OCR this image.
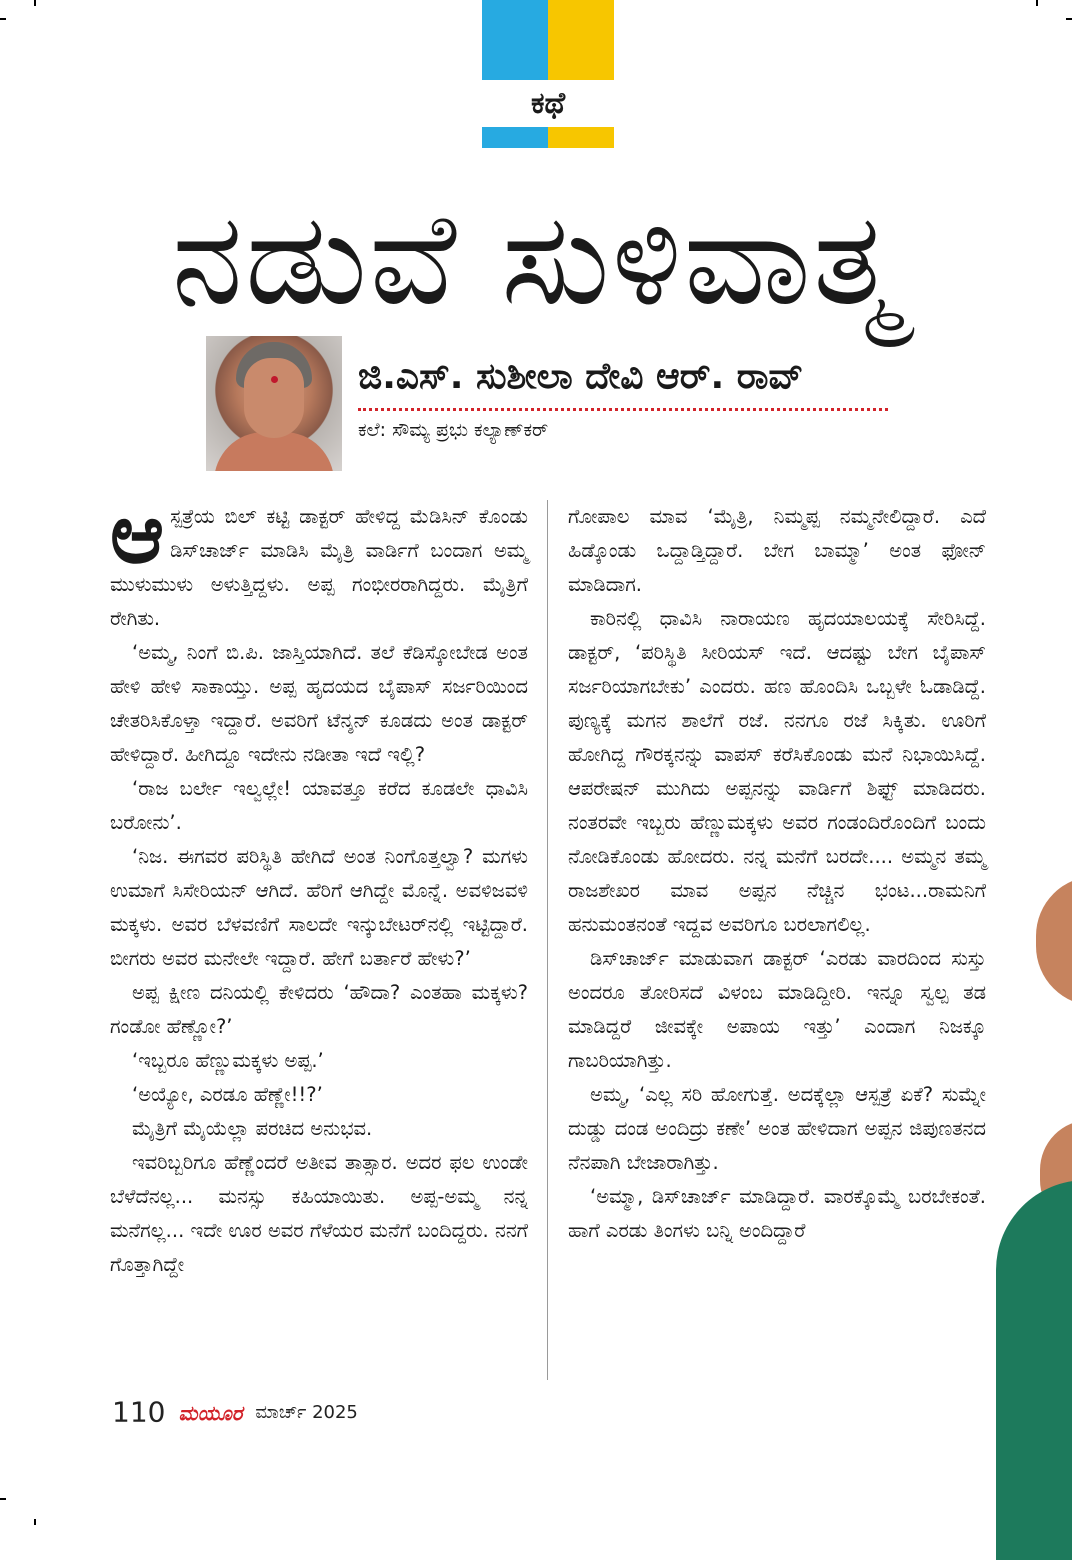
ಕಥೆ
ನಡುವೆ ಸುಳಿವಾತ್ಮ
ಜಿ.ಎಸ್. ಸುಶೀಲಾ ದೇವಿ ಆರ್. ರಾವ್
ಕಲೆ: ಸೌಮ್ಯ ಪ್ರಭು ಕಲ್ಯಾಣ್‌ಕರ್

ಆಸ್ಪತ್ರೆಯ ಬಿಲ್ ಕಟ್ಟಿ ಡಾಕ್ಟರ್ ಹೇಳಿದ್ದ ಮೆಡಿಸಿನ್ ಕೊಂಡು ಡಿಸ್‌ಚಾರ್ಜ್ ಮಾಡಿಸಿ ಮೈತ್ರಿ ವಾರ್ಡಿಗೆ ಬಂದಾಗ ಅಮ್ಮ ಮುಳುಮುಳು ಅಳುತ್ತಿದ್ದಳು. ಅಪ್ಪ ಗಂಭೀರರಾಗಿದ್ದರು. ಮೈತ್ರಿಗೆ ರೇಗಿತು.

‘ಅಮ್ಮ, ನಿಂಗೆ ಬಿ.ಪಿ. ಜಾಸ್ತಿಯಾಗಿದೆ. ತಲೆ ಕೆಡಿಸ್ಕೋಬೇಡ ಅಂತ ಹೇಳಿ ಹೇಳಿ ಸಾಕಾಯ್ತು. ಅಪ್ಪ ಹೃದಯದ ಬೈಪಾಸ್ ಸರ್ಜರಿಯಿಂದ ಚೇತರಿಸಿಕೊಳ್ತಾ ಇದ್ದಾರೆ. ಅವರಿಗೆ ಟೆನ್ಶನ್ ಕೂಡದು ಅಂತ ಡಾಕ್ಟರ್ ಹೇಳಿದ್ದಾರೆ. ಹೀಗಿದ್ದೂ ಇದೇನು ನಡೀತಾ ಇದೆ ಇಲ್ಲಿ?

‘ರಾಜ ಬರ್ಲೇ ಇಲ್ವಲ್ಲೇ! ಯಾವತ್ತೂ ಕರೆದ ಕೂಡಲೇ ಧಾವಿಸಿ ಬರೋನು’.

‘ನಿಜ. ಈಗವರ ಪರಿಸ್ಥಿತಿ ಹೇಗಿದೆ ಅಂತ ನಿಂಗೊತ್ತಲ್ವಾ? ಮಗಳು ಉಮಾಗೆ ಸಿಸೇರಿಯನ್ ಆಗಿದೆ. ಹೆರಿಗೆ ಆಗಿದ್ದೇ ಮೊನ್ನೆ. ಅವಳಿಜವಳಿ ಮಕ್ಕಳು. ಅವರ ಬೆಳವಣಿಗೆ ಸಾಲದೇ ಇನ್ಕುಬೇಟರ್‌ನಲ್ಲಿ ಇಟ್ಟಿದ್ದಾರೆ. ಬೀಗರು ಅವರ ಮನೇಲೇ ಇದ್ದಾರೆ. ಹೇಗೆ ಬರ್ತಾರೆ ಹೇಳು?’

ಅಪ್ಪ ಕ್ಷೀಣ ದನಿಯಲ್ಲಿ ಕೇಳಿದರು ‘ಹೌದಾ? ಎಂತಹಾ ಮಕ್ಕಳು? ಗಂಡೋ ಹೆಣ್ಣೋ?’

‘ಇಬ್ಬರೂ ಹೆಣ್ಣುಮಕ್ಕಳು ಅಪ್ಪ.’

‘ಅಯ್ಯೋ, ಎರಡೂ ಹೆಣ್ಣೇ!!?’

ಮೈತ್ರಿಗೆ ಮೈಯೆಲ್ಲಾ ಪರಚಿದ ಅನುಭವ.

ಇವರಿಬ್ಬರಿಗೂ ಹೆಣ್ಣೆಂದರೆ ಅತೀವ ತಾತ್ಸಾರ. ಅದರ ಫಲ ಉಂಡೇ ಬೆಳೆದೆನಲ್ಲ... ಮನಸ್ಸು ಕಹಿಯಾಯಿತು. ಅಪ್ಪ-ಅಮ್ಮ ನನ್ನ ಮನೆಗಲ್ಲ... ಇದೇ ಊರ ಅವರ ಗೆಳೆಯರ ಮನೆಗೆ ಬಂದಿದ್ದರು. ನನಗೆ ಗೊತ್ತಾಗಿದ್ದೇ

ಗೋಪಾಲ ಮಾವ ‘ಮೈತ್ರಿ, ನಿಮ್ಮಪ್ಪ ನಮ್ಮನೇಲಿದ್ದಾರೆ. ಎದೆ ಹಿಡ್ಕೊಂಡು ಒದ್ದಾಡ್ತಿದ್ದಾರೆ. ಬೇಗ ಬಾಮ್ಮಾ’ ಅಂತ ಫೋನ್ ಮಾಡಿದಾಗ.

ಕಾರಿನಲ್ಲಿ ಧಾವಿಸಿ ನಾರಾಯಣ ಹೃದಯಾಲಯಕ್ಕೆ ಸೇರಿಸಿದ್ದೆ. ಡಾಕ್ಟರ್, ‘ಪರಿಸ್ಥಿತಿ ಸೀರಿಯಸ್ ಇದೆ. ಆದಷ್ಟು ಬೇಗ ಬೈಪಾಸ್ ಸರ್ಜರಿಯಾಗಬೇಕು’ ಎಂದರು. ಹಣ ಹೊಂದಿಸಿ ಒಬ್ಬಳೇ ಓಡಾಡಿದ್ದೆ. ಪುಣ್ಯಕ್ಕೆ ಮಗನ ಶಾಲೆಗೆ ರಜೆ. ನನಗೂ ರಜೆ ಸಿಕ್ಕಿತು. ಊರಿಗೆ ಹೋಗಿದ್ದ ಗೌರಕ್ಕನನ್ನು ವಾಪಸ್ ಕರೆಸಿಕೊಂಡು ಮನೆ ನಿಭಾಯಿಸಿದ್ದೆ. ಆಪರೇಷನ್ ಮುಗಿದು ಅಪ್ಪನನ್ನು ವಾರ್ಡಿಗೆ ಶಿಫ್ಟ್ ಮಾಡಿದರು. ನಂತರವೇ ಇಬ್ಬರು ಹೆಣ್ಣುಮಕ್ಕಳು ಅವರ ಗಂಡಂದಿರೊಂದಿಗೆ ಬಂದು ನೋಡಿಕೊಂಡು ಹೋದರು. ನನ್ನ ಮನೆಗೆ ಬರದೇ.... ಅಮ್ಮನ ತಮ್ಮ ರಾಜಶೇಖರ ಮಾವ ಅಪ್ಪನ ನೆಚ್ಚಿನ ಭಂಟ...ರಾಮನಿಗೆ ಹನುಮಂತನಂತೆ ಇದ್ದವ ಅವರಿಗೂ ಬರಲಾಗಲಿಲ್ಲ.

ಡಿಸ್‌ಚಾರ್ಜ್ ಮಾಡುವಾಗ ಡಾಕ್ಟರ್ ‘ಎರಡು ವಾರದಿಂದ ಸುಸ್ತು ಅಂದರೂ ತೋರಿಸದೆ ವಿಳಂಬ ಮಾಡಿದ್ದೀರಿ. ಇನ್ನೂ ಸ್ವಲ್ಪ ತಡ ಮಾಡಿದ್ದರೆ ಜೀವಕ್ಕೇ ಅಪಾಯ ಇತ್ತು’ ಎಂದಾಗ ನಿಜಕ್ಕೂ ಗಾಬರಿಯಾಗಿತ್ತು.

ಅಮ್ಮ, ‘ಎಲ್ಲ ಸರಿ ಹೋಗುತ್ತೆ. ಅದಕ್ಕೆಲ್ಲಾ ಆಸ್ಪತ್ರೆ ಏಕೆ? ಸುಮ್ನೇ ದುಡ್ಡು ದಂಡ ಅಂದಿದ್ರು ಕಣೇ’ ಅಂತ ಹೇಳಿದಾಗ ಅಪ್ಪನ ಜಿಪುಣತನದ ನೆನಪಾಗಿ ಬೇಜಾರಾಗಿತ್ತು.

‘ಅಮ್ಮಾ, ಡಿಸ್‌ಚಾರ್ಜ್ ಮಾಡಿದ್ದಾರೆ. ವಾರಕ್ಕೊಮ್ಮೆ ಬರಬೇಕಂತೆ. ಹಾಗೆ ಎರಡು ತಿಂಗಳು ಬನ್ನಿ ಅಂದಿದ್ದಾರೆ

110 ಮಯೂರ ಮಾರ್ಚ್ 2025
